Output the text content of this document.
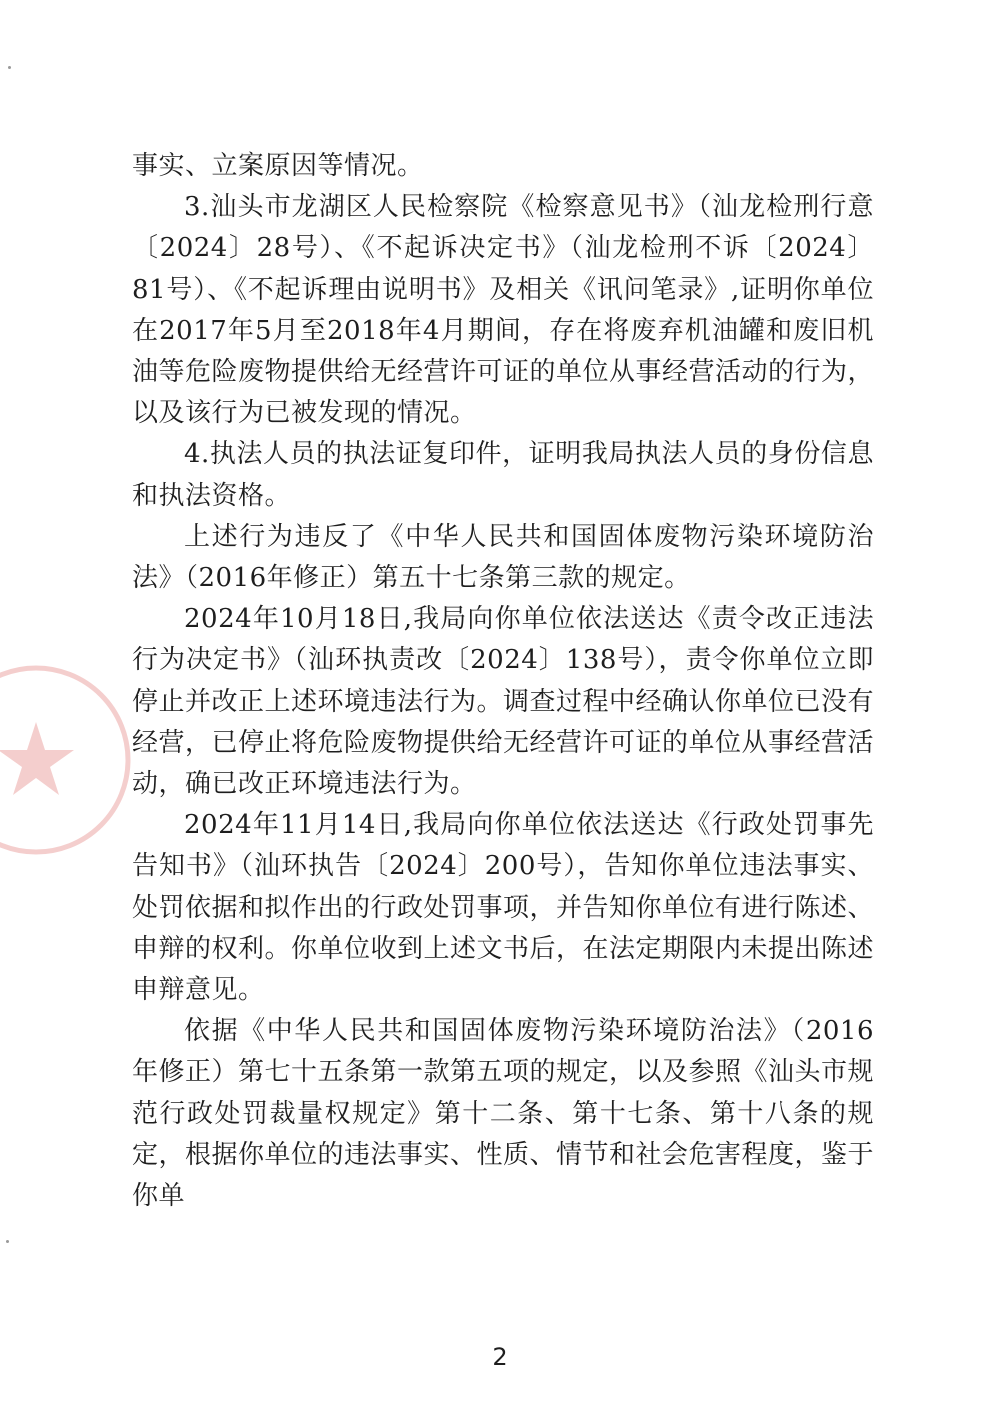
事实、立案原因等情况。

3.汕头市龙湖区人民检察院《检察意见书》（汕龙检刑行意〔2024〕28号）、《不起诉决定书》（汕龙检刑不诉〔2024〕81号）、《不起诉理由说明书》及相关《讯问笔录》,证明你单位在2017年5月至2018年4月期间，存在将废弃机油罐和废旧机油等危险废物提供给无经营许可证的单位从事经营活动的行为，以及该行为已被发现的情况。

4.执法人员的执法证复印件，证明我局执法人员的身份信息和执法资格。

上述行为违反了《中华人民共和国固体废物污染环境防治法》（2016年修正）第五十七条第三款的规定。

2024年10月18日,我局向你单位依法送达《责令改正违法行为决定书》（汕环执责改〔2024〕138号），责令你单位立即停止并改正上述环境违法行为。调查过程中经确认你单位已没有经营，已停止将危险废物提供给无经营许可证的单位从事经营活动，确已改正环境违法行为。

2024年11月14日,我局向你单位依法送达《行政处罚事先告知书》（汕环执告〔2024〕200号），告知你单位违法事实、处罚依据和拟作出的行政处罚事项，并告知你单位有进行陈述、申辩的权利。你单位收到上述文书后，在法定期限内未提出陈述申辩意见。

依据《中华人民共和国固体废物污染环境防治法》（2016年修正）第七十五条第一款第五项的规定，以及参照《汕头市规范行政处罚裁量权规定》第十二条、第十七条、第十八条的规定，根据你单位的违法事实、性质、情节和社会危害程度，鉴于你单

2
